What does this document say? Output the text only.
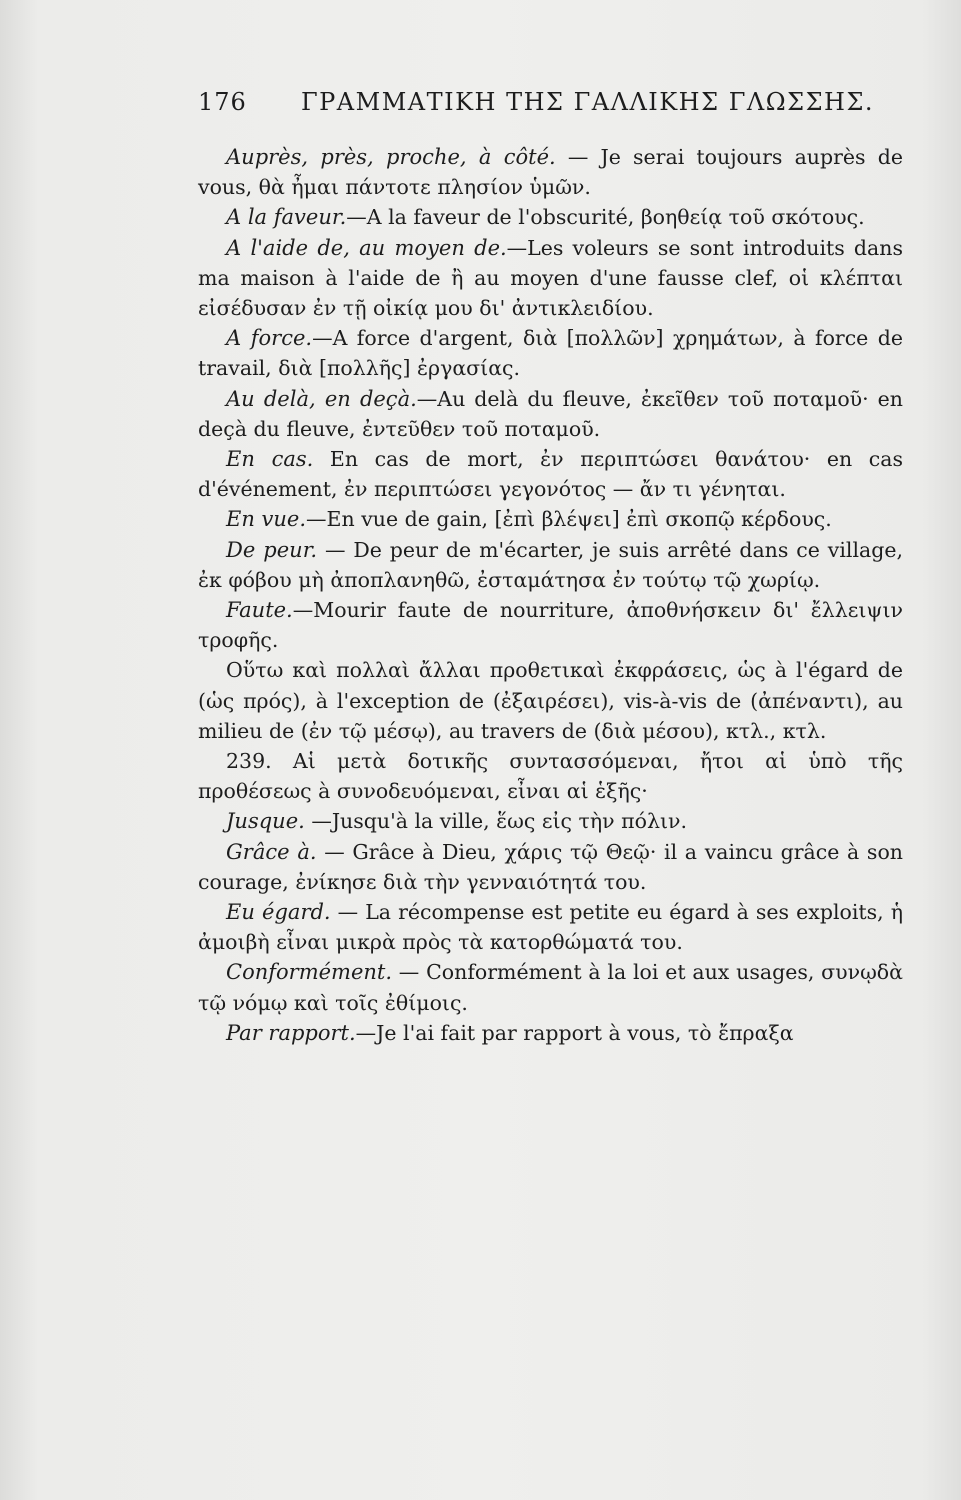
176 ΓΡΑΜΜΑΤΙΚΗ ΤΗΣ ΓΑΛΛΙΚΗΣ ΓΛΩΣΣΗΣ.

Auprès, près, proche, à côté. — Je serai toujours auprès de vous, θὰ ἦμαι πάντοτε πλησίον ὑμῶν.

A la faveur.—A la faveur de l'obscurité, βοηθείᾳ τοῦ σκότους.

A l'aide de, au moyen de.—Les voleurs se sont introduits dans ma maison à l'aide de ἢ au moyen d'une fausse clef, οἱ κλέπται εἰσέδυσαν ἐν τῇ οἰκίᾳ μου δι' ἀντικλειδίου.

A force.—A force d'argent, διὰ [πολλῶν] χρημάτων, à force de travail, διὰ [πολλῆς] ἐργασίας.

Au delà, en deçà.—Au delà du fleuve, ἐκεῖθεν τοῦ ποταμοῦ· en deçà du fleuve, ἐντεῦθεν τοῦ ποταμοῦ.

En cas. En cas de mort, ἐν περιπτώσει θανάτου· en cas d'événement, ἐν περιπτώσει γεγονότος — ἄν τι γένηται.

En vue.—En vue de gain, [ἐπὶ βλέψει] ἐπὶ σκοπῷ κέρδους.

De peur. — De peur de m'écarter, je suis arrêté dans ce village, ἐκ φόβου μὴ ἀποπλανηθῶ, ἐσταμάτησα ἐν τούτῳ τῷ χωρίῳ.

Faute.—Mourir faute de nourriture, ἀποθνήσκειν δι' ἔλλειψιν τροφῆς.

Οὕτω καὶ πολλαὶ ἄλλαι προθετικαὶ ἐκφράσεις, ὡς à l'égard de (ὡς πρός), à l'exception de (ἐξαιρέσει), vis-à-vis de (ἀπέναντι), au milieu de (ἐν τῷ μέσῳ), au travers de (διὰ μέσου), κτλ., κτλ.

239. Αἱ μετὰ δοτικῆς συντασσόμεναι, ἤτοι αἱ ὑπὸ τῆς προθέσεως à συνοδευόμεναι, εἶναι αἱ ἑξῆς·

Jusque. —Jusqu'à la ville, ἕως εἰς τὴν πόλιν.

Grâce à. — Grâce à Dieu, χάρις τῷ Θεῷ· il a vaincu grâce à son courage, ἐνίκησε διὰ τὴν γενναιότητά του.

Eu égard. — La récompense est petite eu égard à ses exploits, ἡ ἀμοιβὴ εἶναι μικρὰ πρὸς τὰ κατορθώματά του.

Conformément. — Conformément à la loi et aux usages, συνῳδὰ τῷ νόμῳ καὶ τοῖς ἐθίμοις.

Par rapport.—Je l'ai fait par rapport à vous, τὸ ἔπραξα
